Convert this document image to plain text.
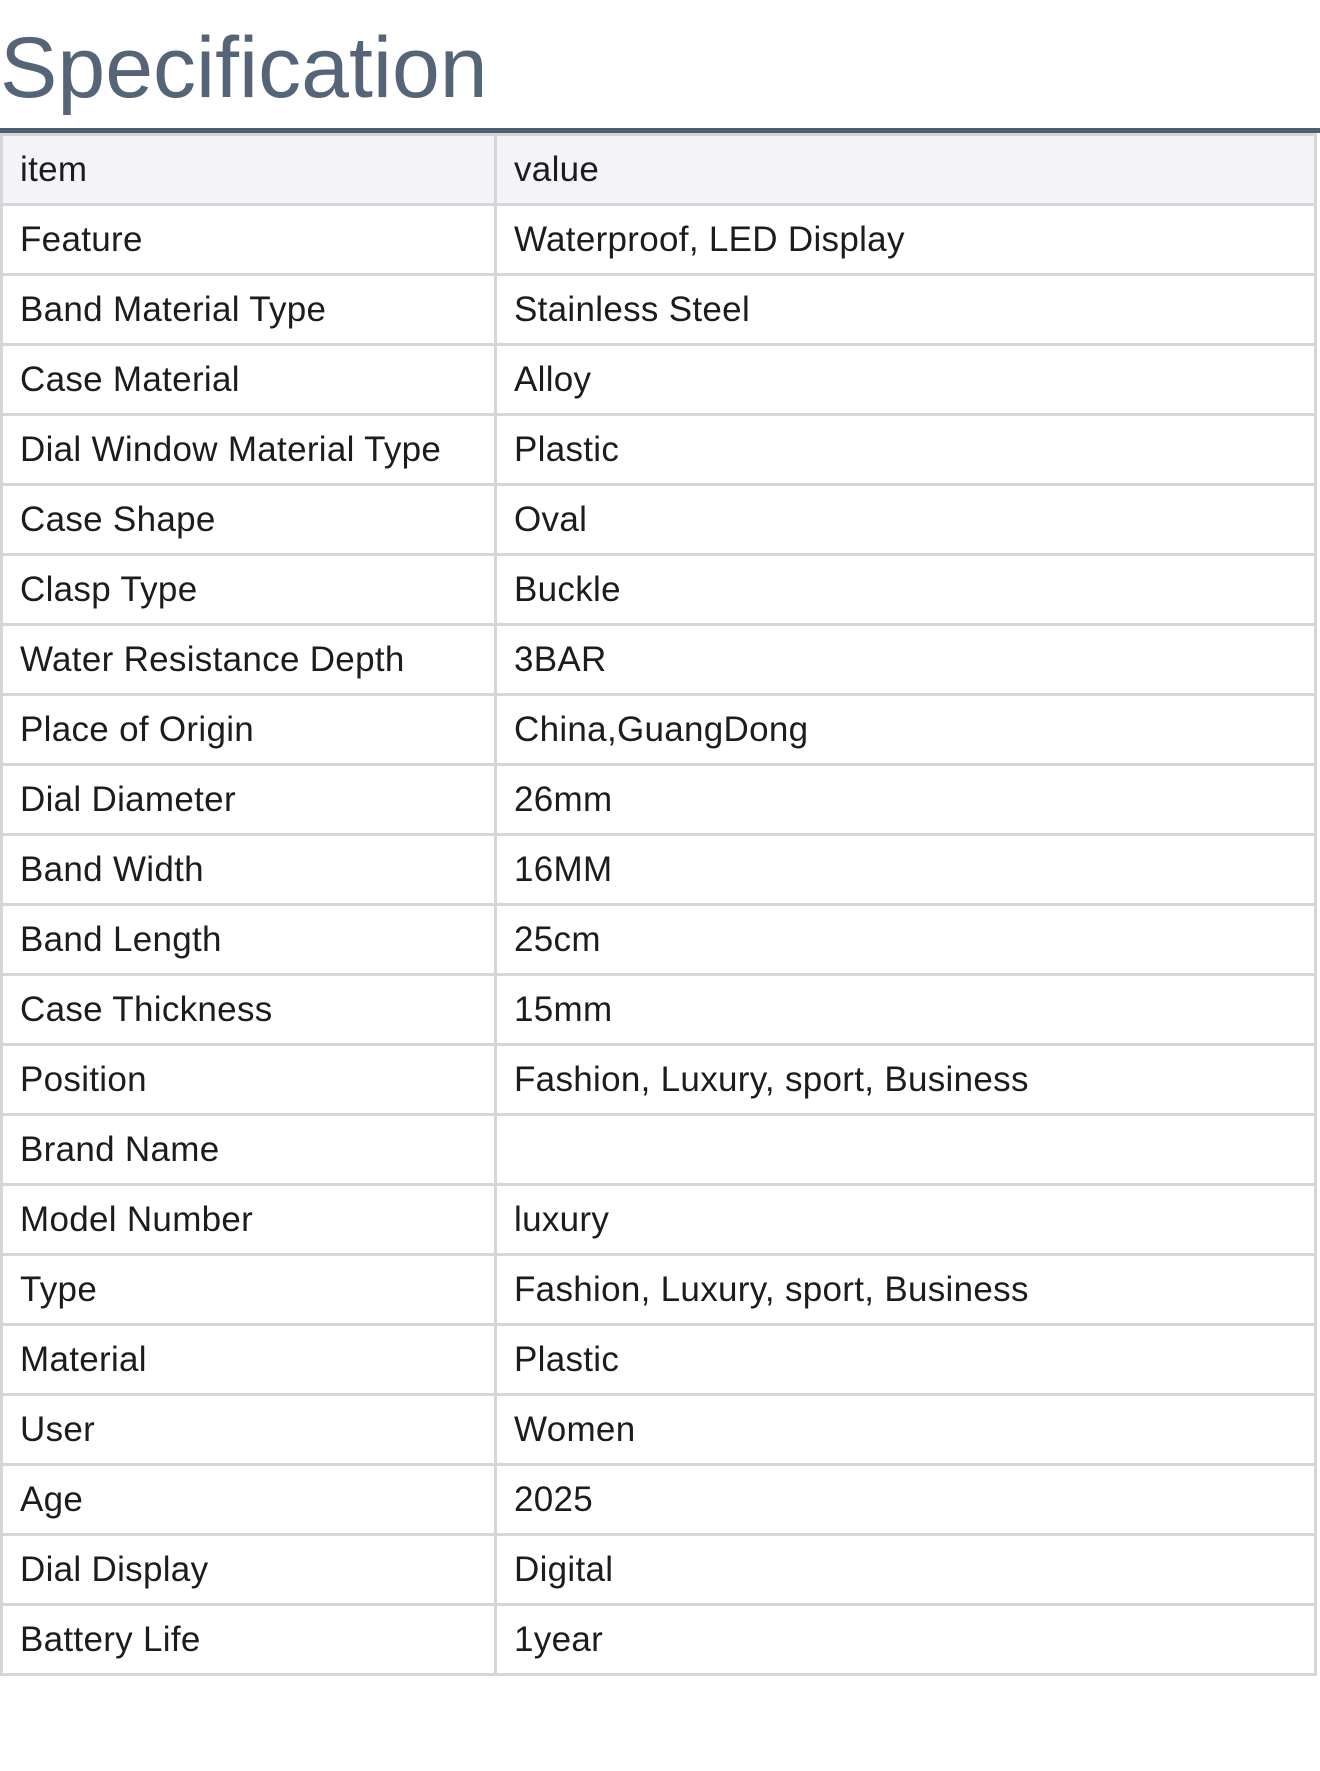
Specification
item	value
Feature	Waterproof, LED Display
Band Material Type	Stainless Steel
Case Material	Alloy
Dial Window Material Type	Plastic
Case Shape	Oval
Clasp Type	Buckle
Water Resistance Depth	3BAR
Place of Origin	China,GuangDong
Dial Diameter	26mm
Band Width	16MM
Band Length	25cm
Case Thickness	15mm
Position	Fashion, Luxury, sport, Business
Brand Name	
Model Number	luxury
Type	Fashion, Luxury, sport, Business
Material	Plastic
User	Women
Age	2025
Dial Display	Digital
Battery Life	1year
